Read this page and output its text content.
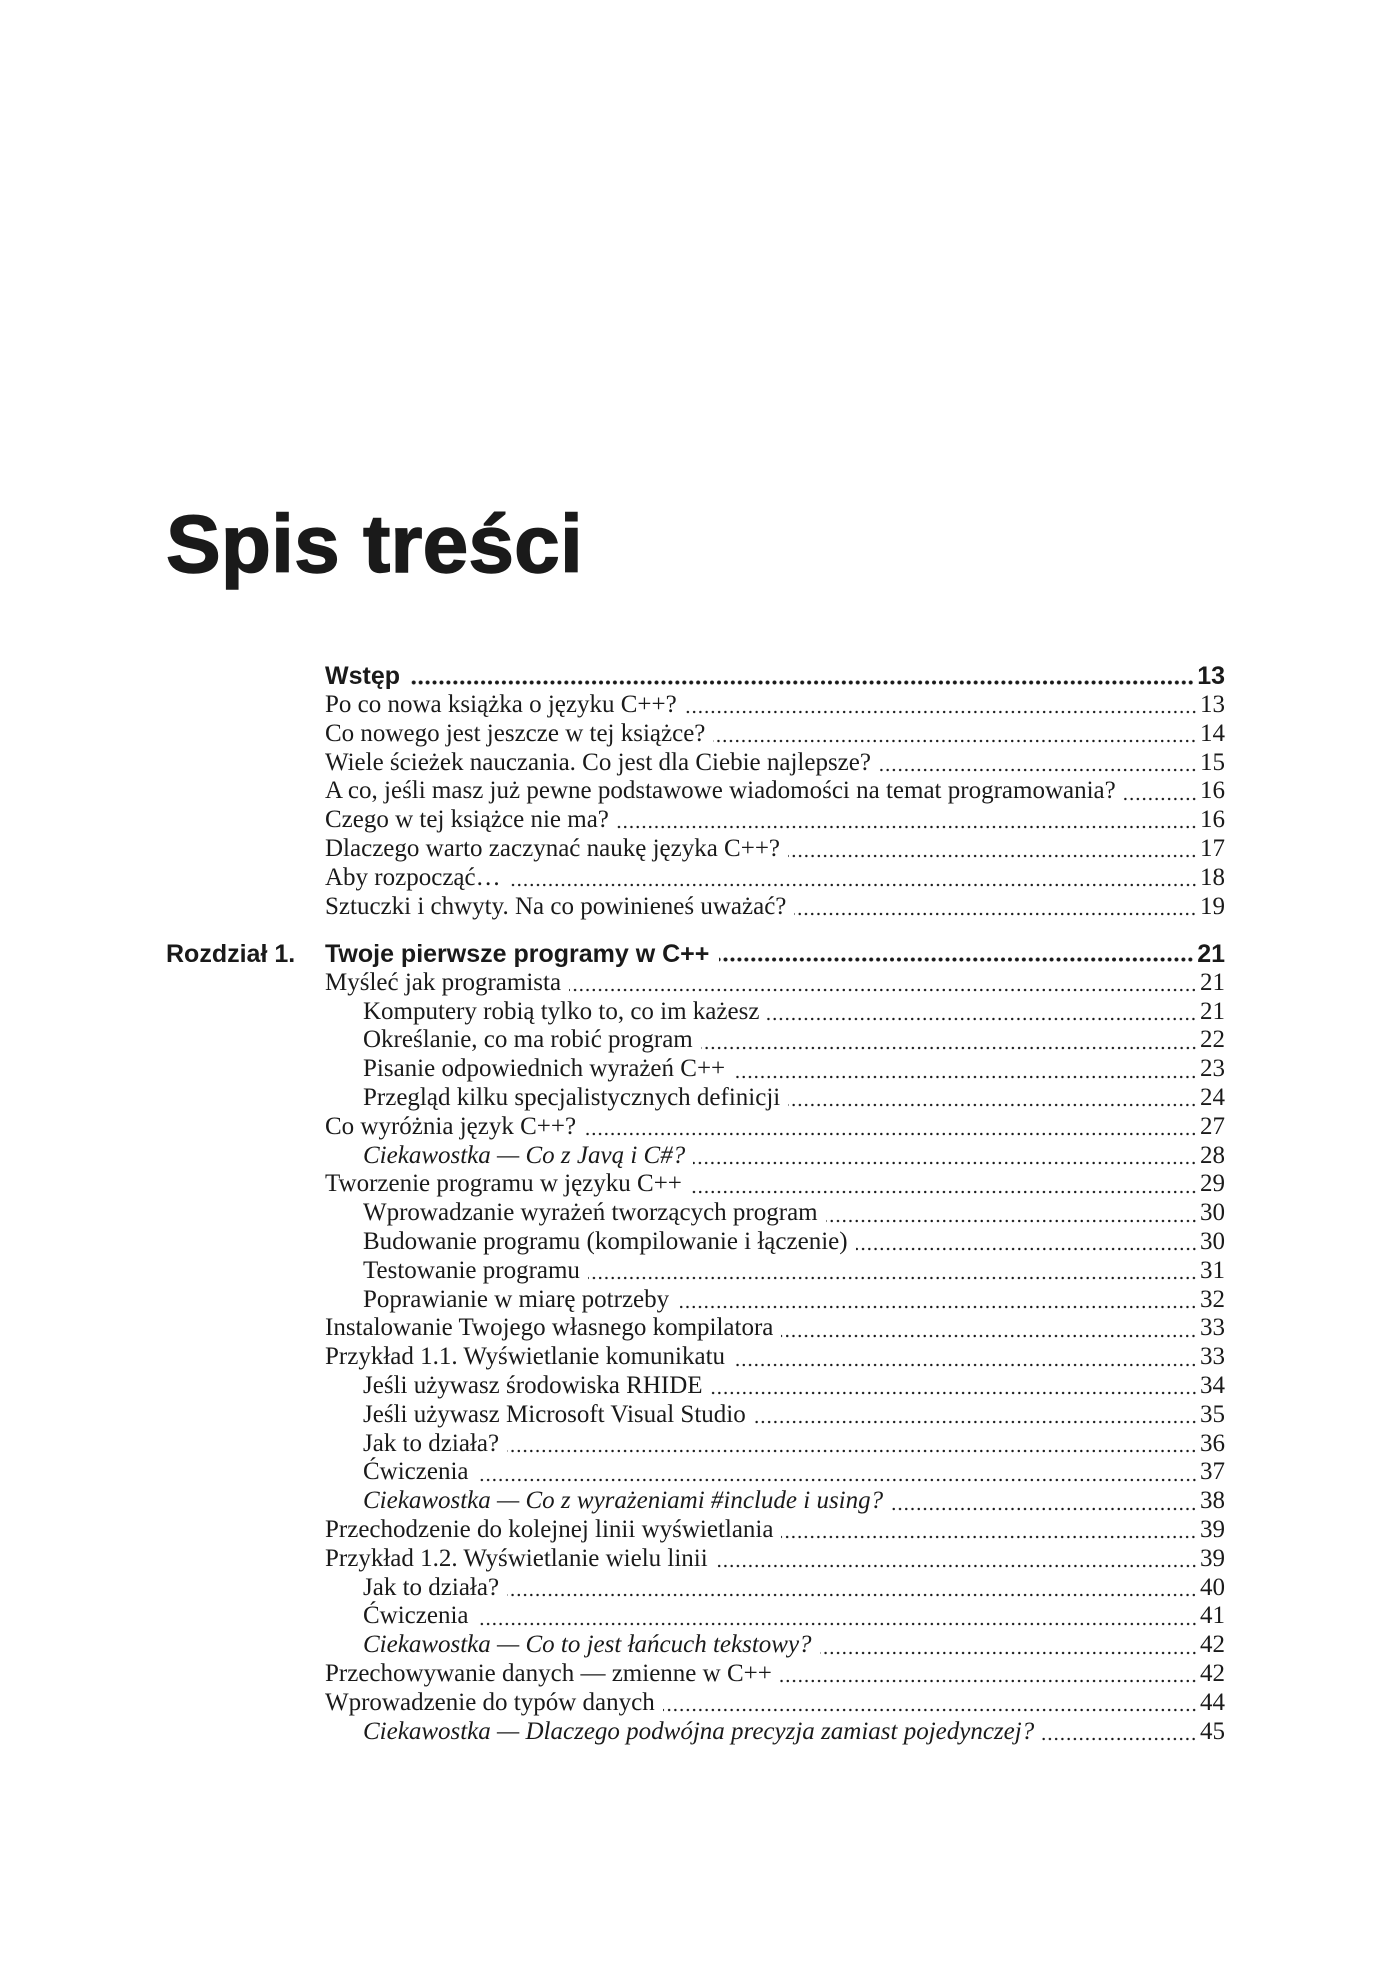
Spis treści
Wstęp	13
Po co nowa książka o języku C++?	13
Co nowego jest jeszcze w tej książce?	14
Wiele ścieżek nauczania. Co jest dla Ciebie najlepsze?	15
A co, jeśli masz już pewne podstawowe wiadomości na temat programowania?	16
Czego w tej książce nie ma?	16
Dlaczego warto zaczynać naukę języka C++?	17
Aby rozpocząć…	18
Sztuczki i chwyty. Na co powinieneś uważać?	19
Rozdział 1. Twoje pierwsze programy w C++	21
Myśleć jak programista	21
Komputery robią tylko to, co im każesz	21
Określanie, co ma robić program	22
Pisanie odpowiednich wyrażeń C++	23
Przegląd kilku specjalistycznych definicji	24
Co wyróżnia język C++?	27
Ciekawostka — Co z Javą i C#?	28
Tworzenie programu w języku C++	29
Wprowadzanie wyrażeń tworzących program	30
Budowanie programu (kompilowanie i łączenie)	30
Testowanie programu	31
Poprawianie w miarę potrzeby	32
Instalowanie Twojego własnego kompilatora	33
Przykład 1.1. Wyświetlanie komunikatu	33
Jeśli używasz środowiska RHIDE	34
Jeśli używasz Microsoft Visual Studio	35
Jak to działa?	36
Ćwiczenia	37
Ciekawostka — Co z wyrażeniami #include i using?	38
Przechodzenie do kolejnej linii wyświetlania	39
Przykład 1.2. Wyświetlanie wielu linii	39
Jak to działa?	40
Ćwiczenia	41
Ciekawostka — Co to jest łańcuch tekstowy?	42
Przechowywanie danych — zmienne w C++	42
Wprowadzenie do typów danych	44
Ciekawostka — Dlaczego podwójna precyzja zamiast pojedynczej?	45
